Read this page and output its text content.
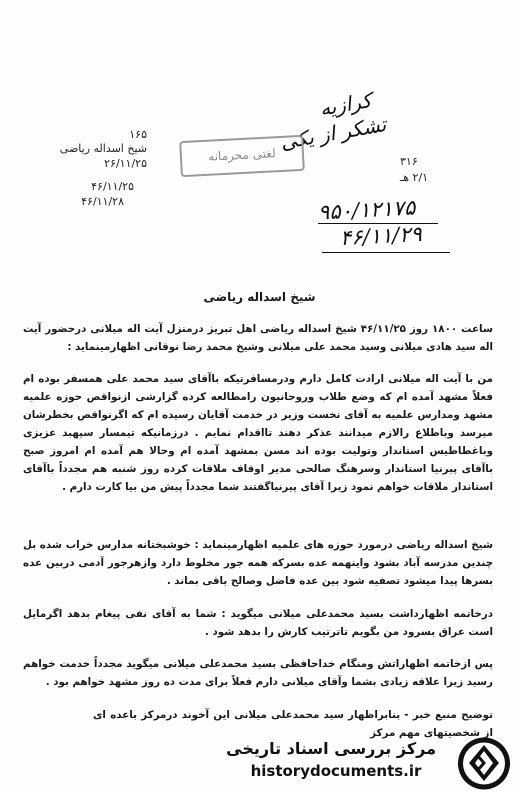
کرازیه
تشکر از یکی
۱۶۵
شیخ اسداله ریاضی
۲۶/۱۱/۲۵
۴۶/۱۱/۲۵
۴۶/۱۱/۲۸
لغتی محرمانه	۳۱۶
۲/۱ هـ
۹۵۰/۱۲۱۷۵
۴۶/۱۱/۲۹
شیخ اسداله ریاضی
ساعت ۱۸۰۰ روز ۴۶/۱۱/۲۵ شیخ اسداله ریاضی اهل تبریز درمنزل آیت اله میلانی درحضور آیت اله سید هادی میلانی وسید محمد علی میلانی وشیخ محمد رضا نوقانی اظهارمینماید :
من با آیت اله میلانی ارادت کامل دارم ودرمسافرتیکه باآقای سید محمد علی همسفر بوده ام فعلاً مشهد آمده ام که وضع طلاب وروحانیون رامطالعه کرده گزارشی ازنواقص حوزه علمیه مشهد ومدارس علمیه به آقای نخست وزیر در خدمت آقایان رسیده ام که اگرنواقص بخطرشان میرسد وباطلاع رالازم میدانند عذکر دهند تااقدام نمایم . درزمانیکه تیمسار سپهبد عزیزی وباغطاطیس استاندار وتولیت بوده اند مسن بمشهد آمده ام وحالا هم آمده ام امروز صبح باآقای پیرنیا استاندار وسرهنگ صالحی مدیر اوقاف ملاقات کرده روز شنبه هم مجدداً باآقای استاندار ملاقات خواهم نمود زیرا آقای پیرنیاگفتند شما مجدداً پیش من بیا کارت دارم .
شیخ اسداله ریاضی درمورد حوزه های علمیه اظهارمینماید : خوشبختانه مدارس خراب شده بل چندین مدرسه آباد بشود واینهمه عده بسرکه همه جور مخلوط دارد وازهرجور آدمی دربین عده بسرها پیدا میشود تصفیه شود بین عده فاضل وصالح باقی بماند .
درخاتمه اظهارداشت بسید محمدعلی میلانی میگوید : شما به آقای نفی پیغام بدهد اگرمایل است عراق بسرود من بگویم تاترتیب کارش را بدهد شود .
پس ازخاتمه اظهاراتش ومنگام خداحافظی بسید محمدعلی میلانی میگوید مجدداً خدمت خواهم رسید زیرا علاقه زیادی بشما وآقای میلانی دارم فعلاً برای مدت ده روز مشهد خواهم بود .
توضیح منبع خبر - بنابراظهار سید محمدعلی میلانی این آخوند درمرکز باعده ای از شخصیتهای مهم مرکز
مرکز بررسی اسناد تاریخی
historydocuments.ir
